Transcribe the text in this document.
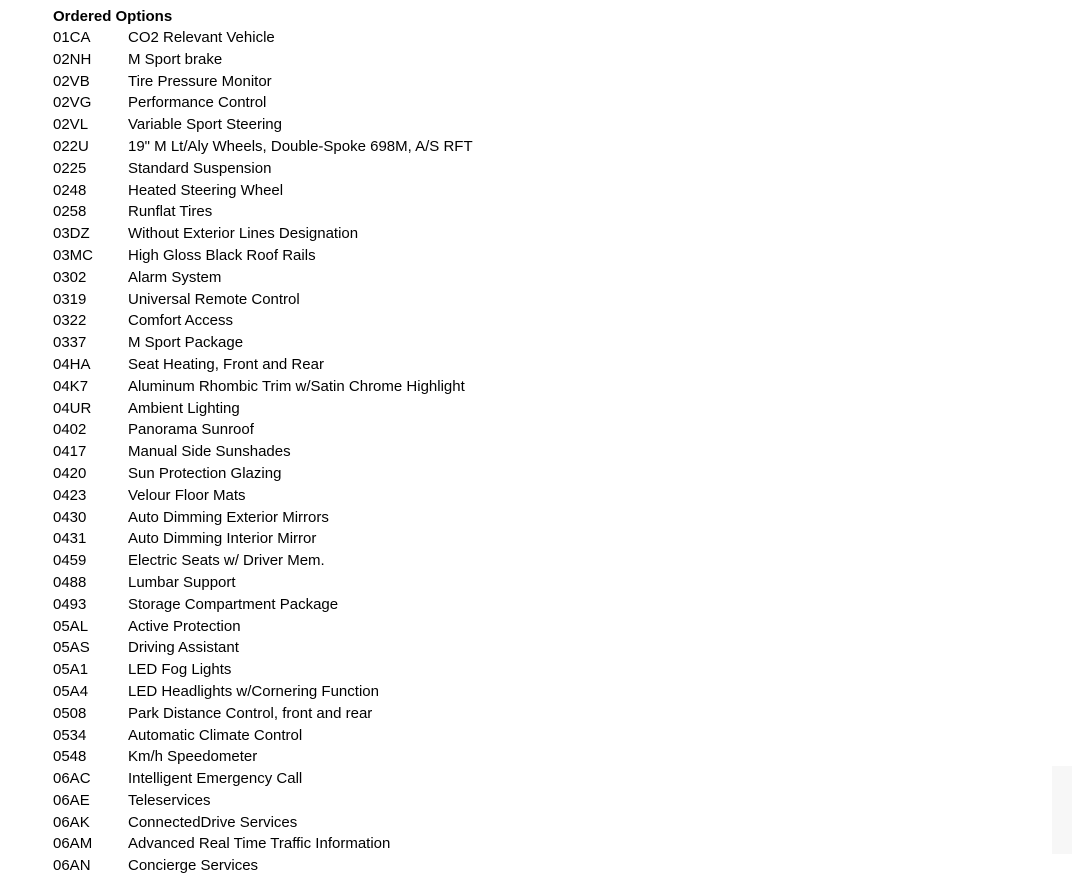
Ordered Options
01CA	CO2 Relevant Vehicle
02NH	M Sport brake
02VB	Tire Pressure Monitor
02VG	Performance Control
02VL	Variable Sport Steering
022U	19" M Lt/Aly Wheels, Double-Spoke 698M, A/S RFT
0225	Standard Suspension
0248	Heated Steering Wheel
0258	Runflat Tires
03DZ	Without Exterior Lines Designation
03MC	High Gloss Black Roof Rails
0302	Alarm System
0319	Universal Remote Control
0322	Comfort Access
0337	M Sport Package
04HA	Seat Heating, Front and Rear
04K7	Aluminum Rhombic Trim w/Satin Chrome Highlight
04UR	Ambient Lighting
0402	Panorama Sunroof
0417	Manual Side Sunshades
0420	Sun Protection Glazing
0423	Velour Floor Mats
0430	Auto Dimming Exterior Mirrors
0431	Auto Dimming Interior Mirror
0459	Electric Seats w/ Driver Mem.
0488	Lumbar Support
0493	Storage Compartment Package
05AL	Active Protection
05AS	Driving Assistant
05A1	LED Fog Lights
05A4	LED Headlights w/Cornering Function
0508	Park Distance Control, front and rear
0534	Automatic Climate Control
0548	Km/h Speedometer
06AC	Intelligent Emergency Call
06AE	Teleservices
06AK	ConnectedDrive Services
06AM	Advanced Real Time Traffic Information
06AN	Concierge Services
